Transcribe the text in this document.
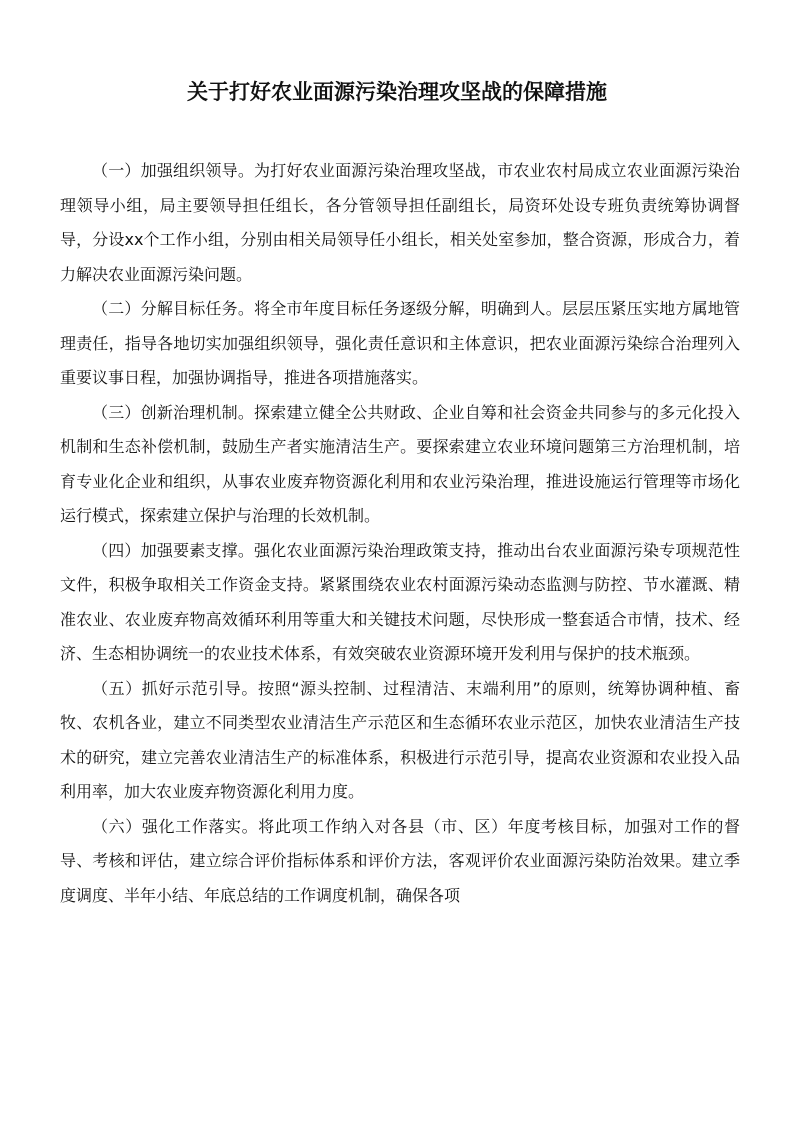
关于打好农业面源污染治理攻坚战的保障措施

（一）加强组织领导。为打好农业面源污染治理攻坚战，市农业农村局成立农业面源污染治理领导小组，局主要领导担任组长，各分管领导担任副组长，局资环处设专班负责统筹协调督导，分设xx个工作小组，分别由相关局领导任小组长，相关处室参加，整合资源，形成合力，着力解决农业面源污染问题。

（二）分解目标任务。将全市年度目标任务逐级分解，明确到人。层层压紧压实地方属地管理责任，指导各地切实加强组织领导，强化责任意识和主体意识，把农业面源污染综合治理列入重要议事日程，加强协调指导，推进各项措施落实。

（三）创新治理机制。探索建立健全公共财政、企业自筹和社会资金共同参与的多元化投入机制和生态补偿机制，鼓励生产者实施清洁生产。要探索建立农业环境问题第三方治理机制，培育专业化企业和组织，从事农业废弃物资源化利用和农业污染治理，推进设施运行管理等市场化运行模式，探索建立保护与治理的长效机制。

（四）加强要素支撑。强化农业面源污染治理政策支持，推动出台农业面源污染专项规范性文件，积极争取相关工作资金支持。紧紧围绕农业农村面源污染动态监测与防控、节水灌溉、精准农业、农业废弃物高效循环利用等重大和关键技术问题，尽快形成一整套适合市情，技术、经济、生态相协调统一的农业技术体系，有效突破农业资源环境开发利用与保护的技术瓶颈。

（五）抓好示范引导。按照“源头控制、过程清洁、末端利用”的原则，统筹协调种植、畜牧、农机各业，建立不同类型农业清洁生产示范区和生态循环农业示范区，加快农业清洁生产技术的研究，建立完善农业清洁生产的标准体系，积极进行示范引导，提高农业资源和农业投入品利用率，加大农业废弃物资源化利用力度。

（六）强化工作落实。将此项工作纳入对各县（市、区）年度考核目标，加强对工作的督导、考核和评估，建立综合评价指标体系和评价方法，客观评价农业面源污染防治效果。建立季度调度、半年小结、年底总结的工作调度机制，确保各项
